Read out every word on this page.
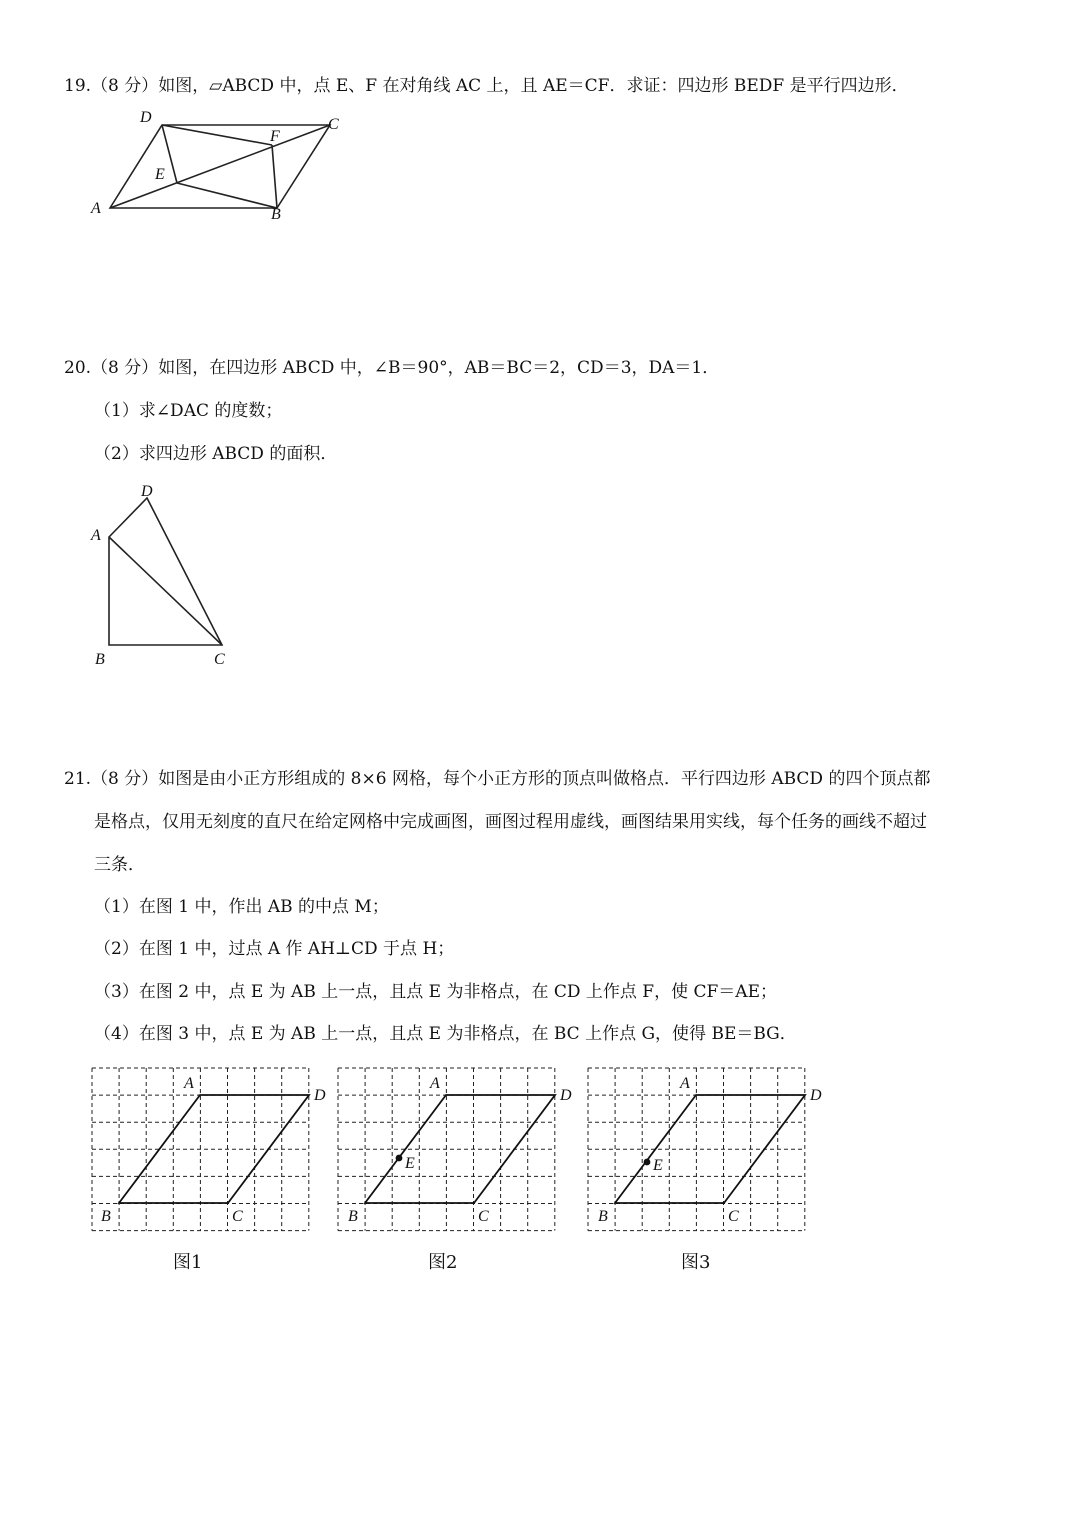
19.（8 分）如图，▱ABCD 中，点 E、F 在对角线 AC 上，且 AE＝CF．求证：四边形 BEDF 是平行四边形．
A
D	C
B
E
F
20.（8 分）如图，在四边形 ABCD 中，∠B＝90°，AB＝BC＝2，CD＝3，DA＝1．
（1）求∠DAC 的度数；
（2）求四边形 ABCD 的面积．
D
A
B	C
21.（8 分）如图是由小正方形组成的 8×6 网格，每个小正方形的顶点叫做格点．平行四边形 ABCD 的四个顶点都
是格点，仅用无刻度的直尺在给定网格中完成画图，画图过程用虚线，画图结果用实线，每个任务的画线不超过
三条．
（1）在图 1 中，作出 AB 的中点 M；
（2）在图 1 中，过点 A 作 AH⊥CD 于点 H；
（3）在图 2 中，点 E 为 AB 上一点，且点 E 为非格点，在 CD 上作点 F，使 CF＝AE；
（4）在图 3 中，点 E 为 AB 上一点，且点 E 为非格点，在 BC 上作点 G，使得 BE＝BG．
A
D
B	C
图1
A
D
B	C
E
图2
A
D
B	C
E
图3
